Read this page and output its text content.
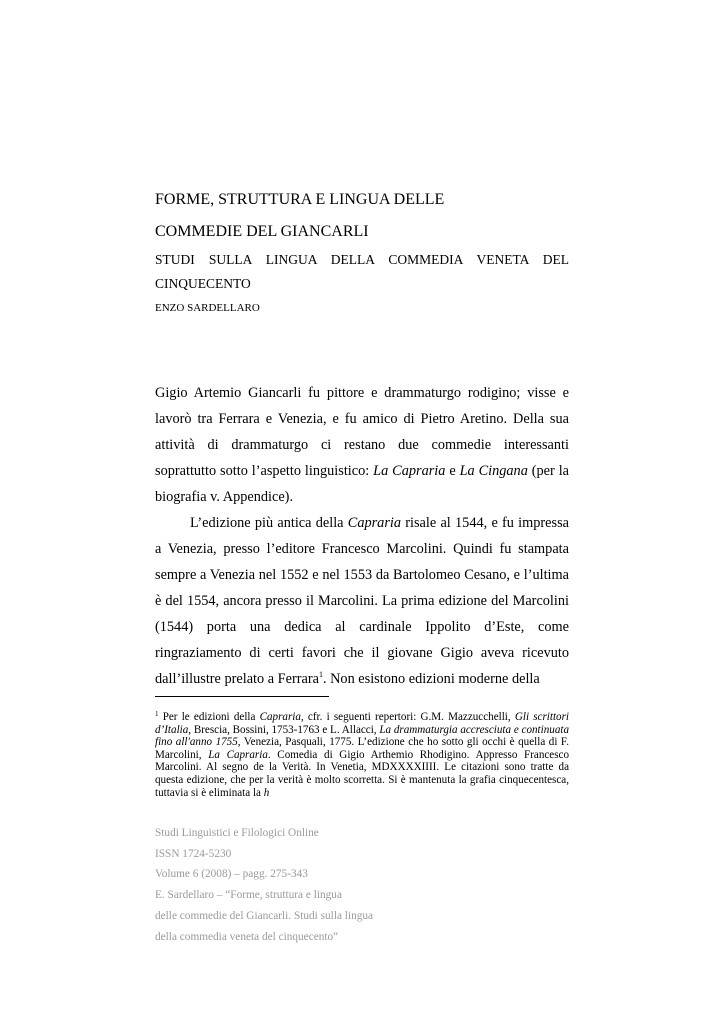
FORME, STRUTTURA E LINGUA DELLE
COMMEDIE DEL GIANCARLI
STUDI SULLA LINGUA DELLA COMMEDIA VENETA DEL CINQUECENTO
ENZO SARDELLARO

Gigio Artemio Giancarli fu pittore e drammaturgo rodigino; visse e lavorò tra Ferrara e Venezia, e fu amico di Pietro Aretino. Della sua attività di drammaturgo ci restano due commedie interessanti soprattutto sotto l’aspetto linguistico: La Capraria e La Cingana (per la biografia v. Appendice).

L’edizione più antica della Capraria risale al 1544, e fu impressa a Venezia, presso l’editore Francesco Marcolini. Quindi fu stampata sempre a Venezia nel 1552 e nel 1553 da Bartolomeo Cesano, e l’ultima è del 1554, ancora presso il Marcolini. La prima edizione del Marcolini (1544) porta una dedica al cardinale Ippolito d’Este, come ringraziamento di certi favori che il giovane Gigio aveva ricevuto dall’illustre prelato a Ferrara$^1$. Non esistono edizioni moderne della

$^1$ Per le edizioni della Capraria, cfr. i seguenti repertori: G.M. Mazzucchelli, Gli scrittori d’Italia, Brescia, Bossini, 1753-1763 e L. Allacci, La drammaturgia accresciuta e continuata fino all'anno 1755, Venezia, Pasquali, 1775. L’edizione che ho sotto gli occhi è quella di F. Marcolini, La Capraria. Comedia di Gigio Arthemio Rhodigino. Appresso Francesco Marcolini. Al segno de la Verità. In Venetia, MDXXXXIIII. Le citazioni sono tratte da questa edizione, che per la verità è molto scorretta. Si è mantenuta la grafia cinquecentesca, tuttavia si è eliminata la h
Studi Linguistici e Filologici Online
ISSN 1724-5230
Volume 6 (2008) – pagg. 275-343
E. Sardellaro – “Forme, struttura e lingua
delle commedie del Giancarli. Studi sulla lingua
della commedia veneta del cinquecento”
